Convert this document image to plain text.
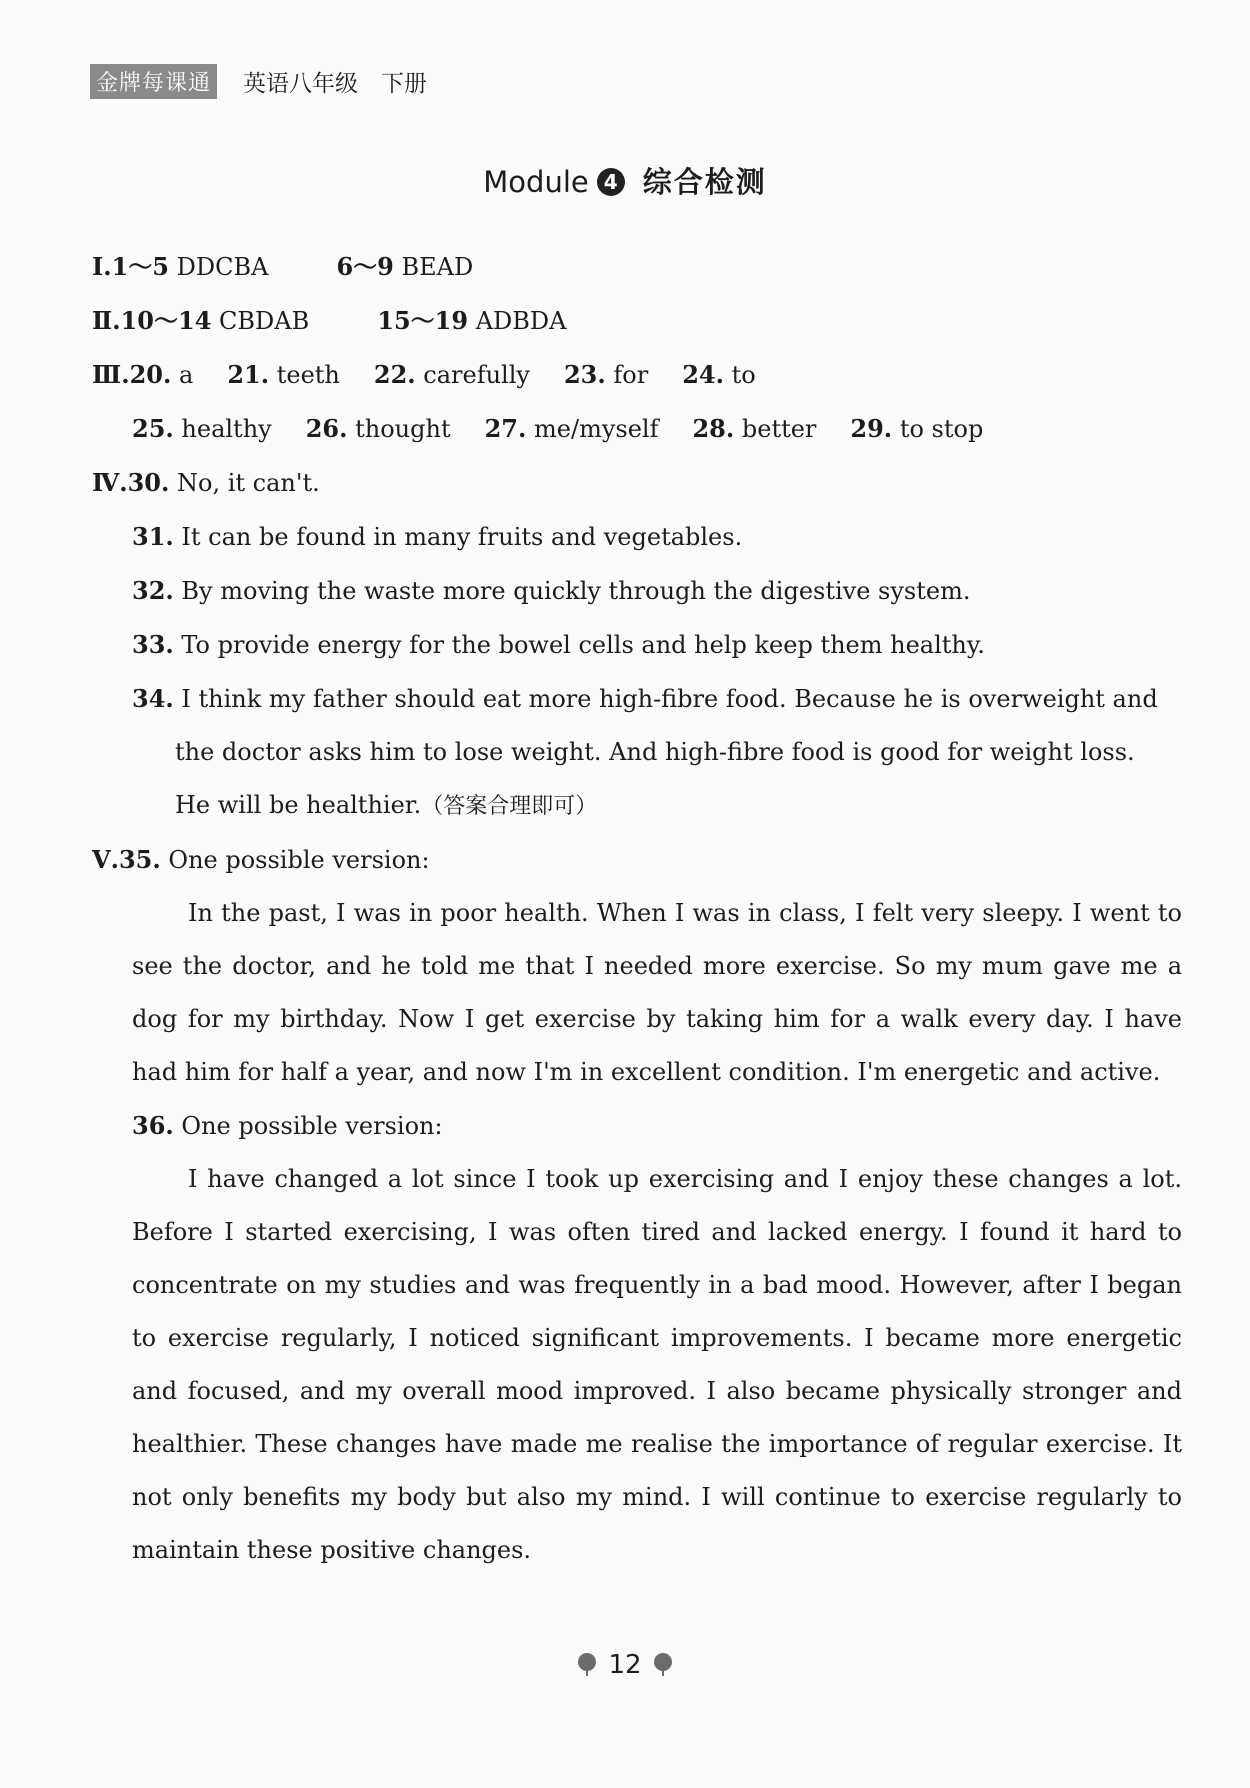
金牌每课通 英语八年级　下册
Module 4 综合检测
Ⅰ.1～5 DDCBA	6～9 BEAD
Ⅱ.10～14 CBDAB	15～19 ADBDA
Ⅲ.20. a 21. teeth 22. carefully 23. for 24. to
25. healthy 26. thought 27. me/myself 28. better 29. to stop
Ⅳ.30. No, it can't.
31. It can be found in many fruits and vegetables.
32. By moving the waste more quickly through the digestive system.
33. To provide energy for the bowel cells and help keep them healthy.
34. I think my father should eat more high-fibre food. Because he is overweight and
the doctor asks him to lose weight. And high-fibre food is good for weight loss.
He will be healthier.（答案合理即可）
Ⅴ.35. One possible version:
In the past, I was in poor health. When I was in class, I felt very sleepy. I went to see the doctor, and he told me that I needed more exercise. So my mum gave me a dog for my birthday. Now I get exercise by taking him for a walk every day. I have had him for half a year, and now I'm in excellent condition. I'm energetic and active.
36. One possible version:
I have changed a lot since I took up exercising and I enjoy these changes a lot. Before I started exercising, I was often tired and lacked energy. I found it hard to concentrate on my studies and was frequently in a bad mood. However, after I began to exercise regularly, I noticed significant improvements. I became more energetic and focused, and my overall mood improved. I also became physically stronger and healthier. These changes have made me realise the importance of regular exercise. It not only benefits my body but also my mind. I will continue to exercise regularly to maintain these positive changes.
12
